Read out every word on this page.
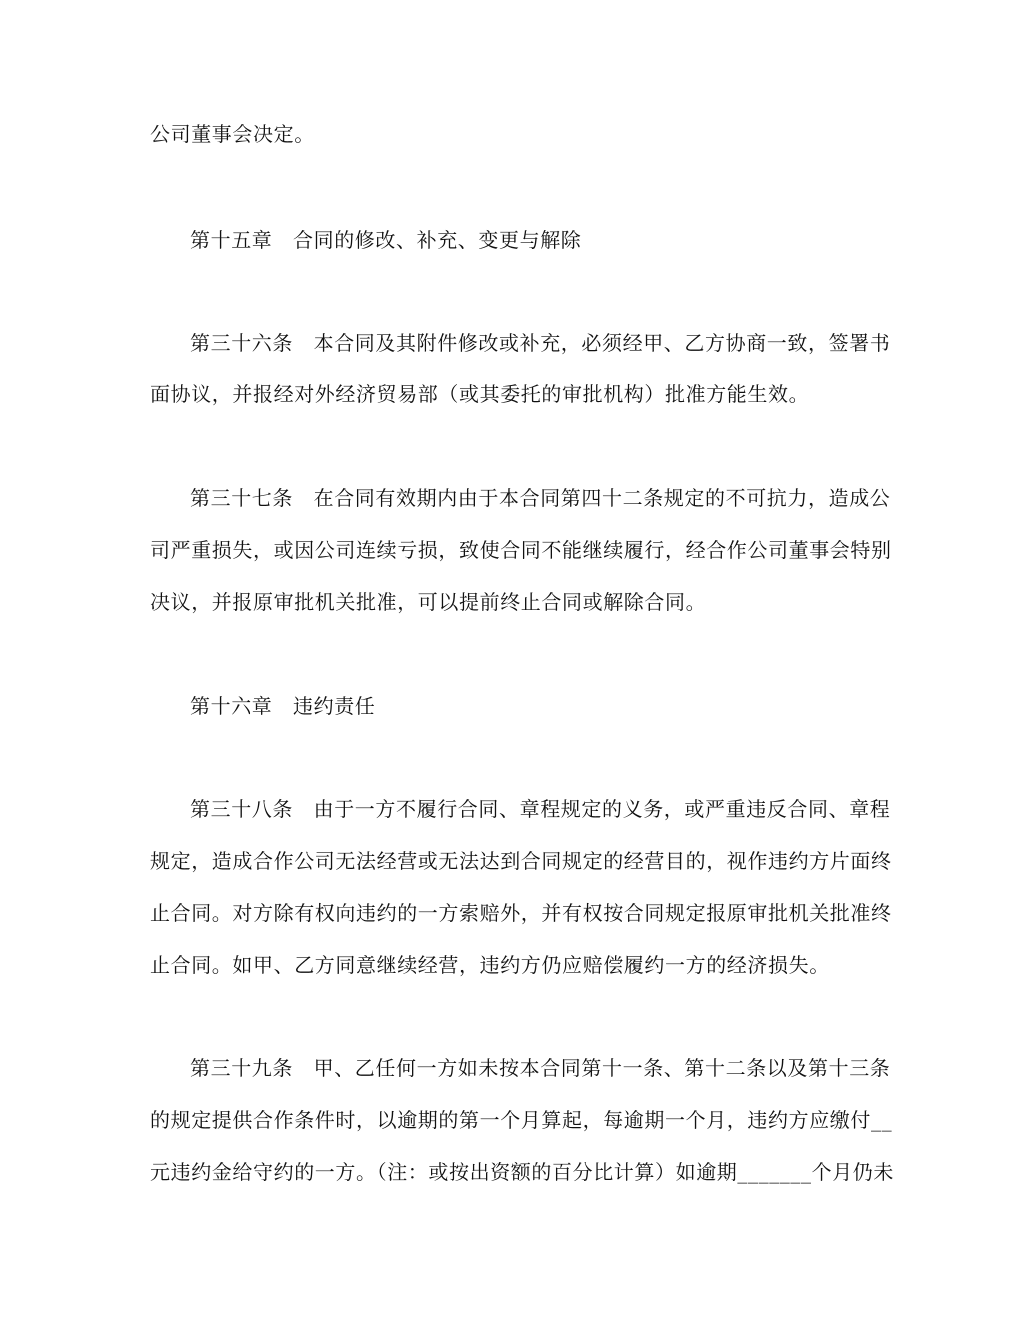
公司董事会决定。
第十五章　合同的修改、补充、变更与解除
第三十六条　本合同及其附件修改或补充，必须经甲、乙方协商一致，签署书
面协议，并报经对外经济贸易部（或其委托的审批机构）批准方能生效。
第三十七条　在合同有效期内由于本合同第四十二条规定的不可抗力，造成公
司严重损失，或因公司连续亏损，致使合同不能继续履行，经合作公司董事会特别
决议，并报原审批机关批准，可以提前终止合同或解除合同。
第十六章　违约责任
第三十八条　由于一方不履行合同、章程规定的义务，或严重违反合同、章程
规定，造成合作公司无法经营或无法达到合同规定的经营目的，视作违约方片面终
止合同。对方除有权向违约的一方索赔外，并有权按合同规定报原审批机关批准终
止合同。如甲、乙方同意继续经营，违约方仍应赔偿履约一方的经济损失。
第三十九条　甲、乙任何一方如未按本合同第十一条、第十二条以及第十三条
的规定提供合作条件时，以逾期的第一个月算起，每逾期一个月，违约方应缴付__
元违约金给守约的一方。（注：或按出资额的百分比计算）如逾期_______个月仍未
